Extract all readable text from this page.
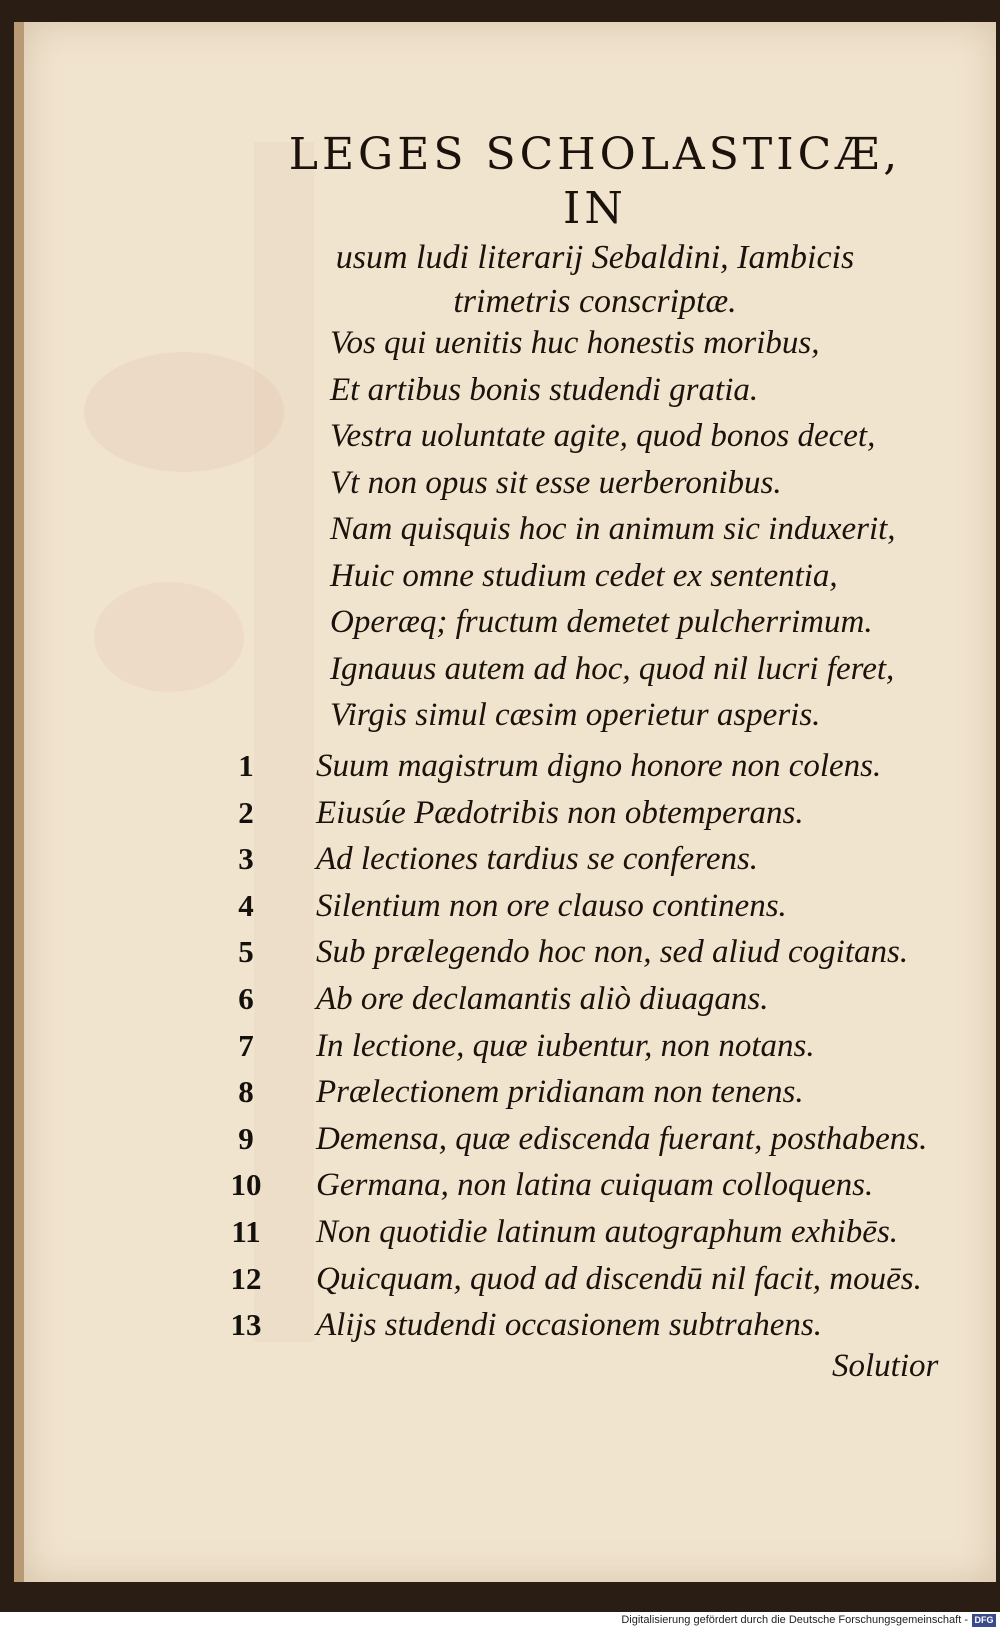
LEGES SCHOLASTICÆ, IN
usum ludi literarij Sebaldini, Iambicis
trimetris conscriptæ.
Vos qui uenitis huc honestis moribus,
Et artibus bonis studendi gratia.
Vestra uoluntate agite, quod bonos decet,
Vt non opus sit esse uerberonibus.
Nam quisquis hoc in animum sic induxerit,
Huic omne studium cedet ex sententia,
Operæq; fructum demetet pulcherrimum.
Ignauus autem ad hoc, quod nil lucri feret,
Virgis simul cæsim operietur asperis.
1	Suum magistrum digno honore non colens.
2	Eiusúe Pædotribis non obtemperans.
3	Ad lectiones tardius se conferens.
4	Silentium non ore clauso continens.
5	Sub prælegendo hoc non, sed aliud cogitans.
6	Ab ore declamantis aliò diuagans.
7	In lectione, quæ iubentur, non notans.
8	Prælectionem pridianam non tenens.
9	Demensa, quæ ediscenda fuerant, posthabens.
10	Germana, non latina cuiquam colloquens.
11	Non quotidie latinum autographum exhibēs.
12	Quicquam, quod ad discendū nil facit, mouēs.
13	Alijs studendi occasionem subtrahens.
Solutior
Digitalisierung gefördert durch die Deutsche Forschungsgemeinschaft - DFG
